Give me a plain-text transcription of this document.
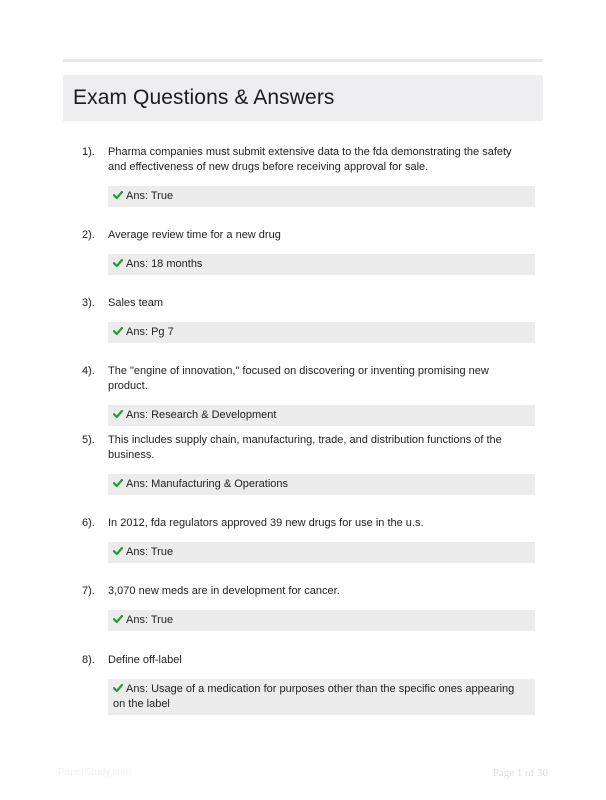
Exam Questions & Answers
1).	Pharma companies must submit extensive data to the fda demonstrating the safety and effectiveness of new drugs before receiving approval for sale.
Ans: True
2).	Average review time for a new drug
Ans: 18 months
3).	Sales team
Ans: Pg 7
4).	The "engine of innovation," focused on discovering or inventing promising new product.
Ans: Research & Development
5).	This includes supply chain, manufacturing, trade, and distribution functions of the business.
Ans: Manufacturing & Operations
6).	In 2012, fda regulators approved 39 new drugs for use in the u.s.
Ans: True
7).	3,070 new meds are in development for cancer.
Ans: True
8).	Define off-label
Ans: Usage of a medication for purposes other than the specific ones appearing on the label
PaperStudy.com	Page 1 of 30
